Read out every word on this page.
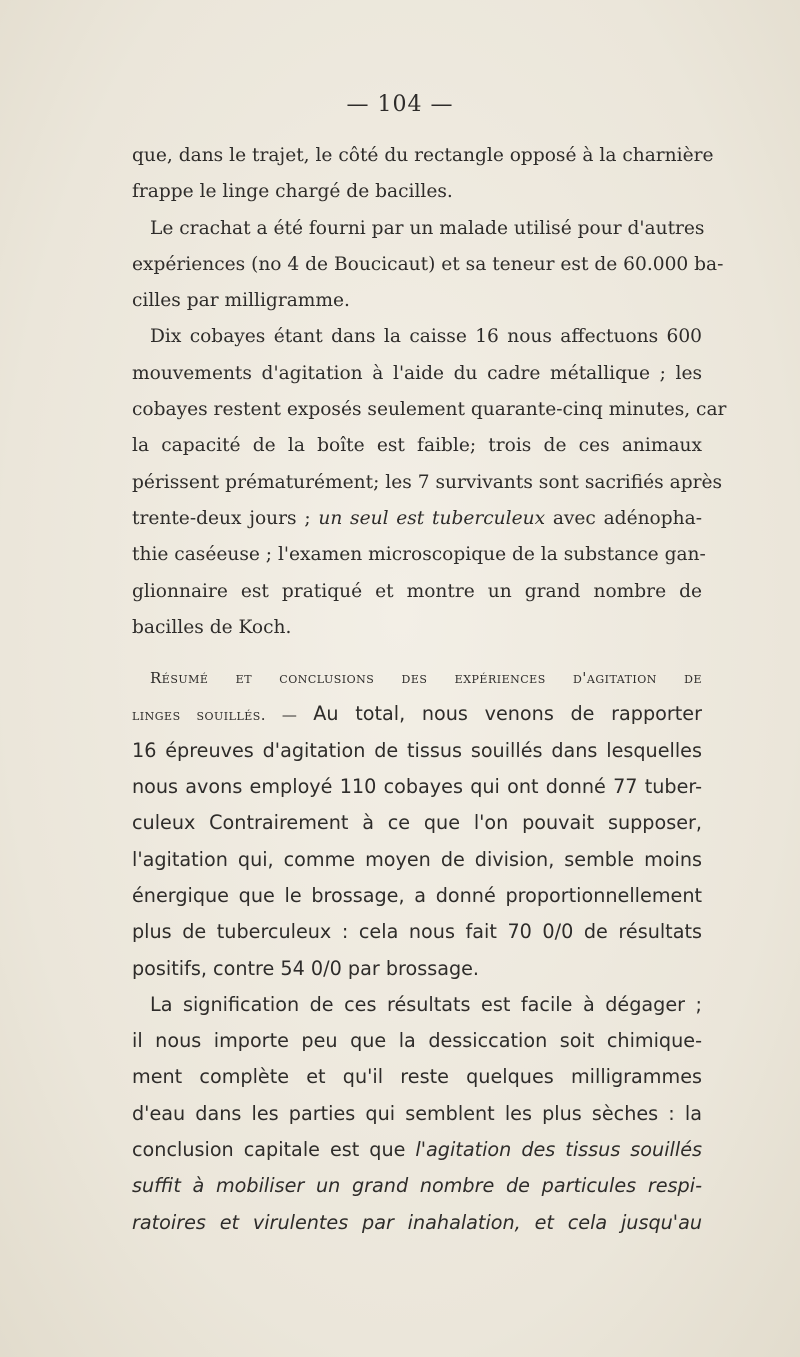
— 104 —
que, dans le trajet, le côté du rectangle opposé à la charnière
frappe le linge chargé de bacilles.
Le crachat a été fourni par un malade utilisé pour d'autres
expériences (no 4 de Boucicaut) et sa teneur est de 60.000 ba-
cilles par milligramme.
Dix cobayes étant dans la caisse 16 nous affectuons 600
mouvements d'agitation à l'aide du cadre métallique ; les
cobayes restent exposés seulement quarante-cinq minutes, car
la capacité de la boîte est faible; trois de ces animaux
périssent prématurément; les 7 survivants sont sacrifiés après
trente-deux jours ; un seul est tuberculeux avec adénopha-
thie caséeuse ; l'examen microscopique de la substance gan-
glionnaire est pratiqué et montre un grand nombre de
bacilles de Koch.
Résumé et conclusions des expériences d'agitation de
linges souillés. — Au total, nous venons de rapporter
16 épreuves d'agitation de tissus souillés dans lesquelles
nous avons employé 110 cobayes qui ont donné 77 tuber-
culeux Contrairement à ce que l'on pouvait supposer,
l'agitation qui, comme moyen de division, semble moins
énergique que le brossage, a donné proportionnellement
plus de tuberculeux : cela nous fait 70 0/0 de résultats
positifs, contre 54 0/0 par brossage.
La signification de ces résultats est facile à dégager ;
il nous importe peu que la dessiccation soit chimique-
ment complète et qu'il reste quelques milligrammes
d'eau dans les parties qui semblent les plus sèches : la
conclusion capitale est que l'agitation des tissus souillés
suffit à mobiliser un grand nombre de particules respi-
ratoires et virulentes par inahalation, et cela jusqu'au
